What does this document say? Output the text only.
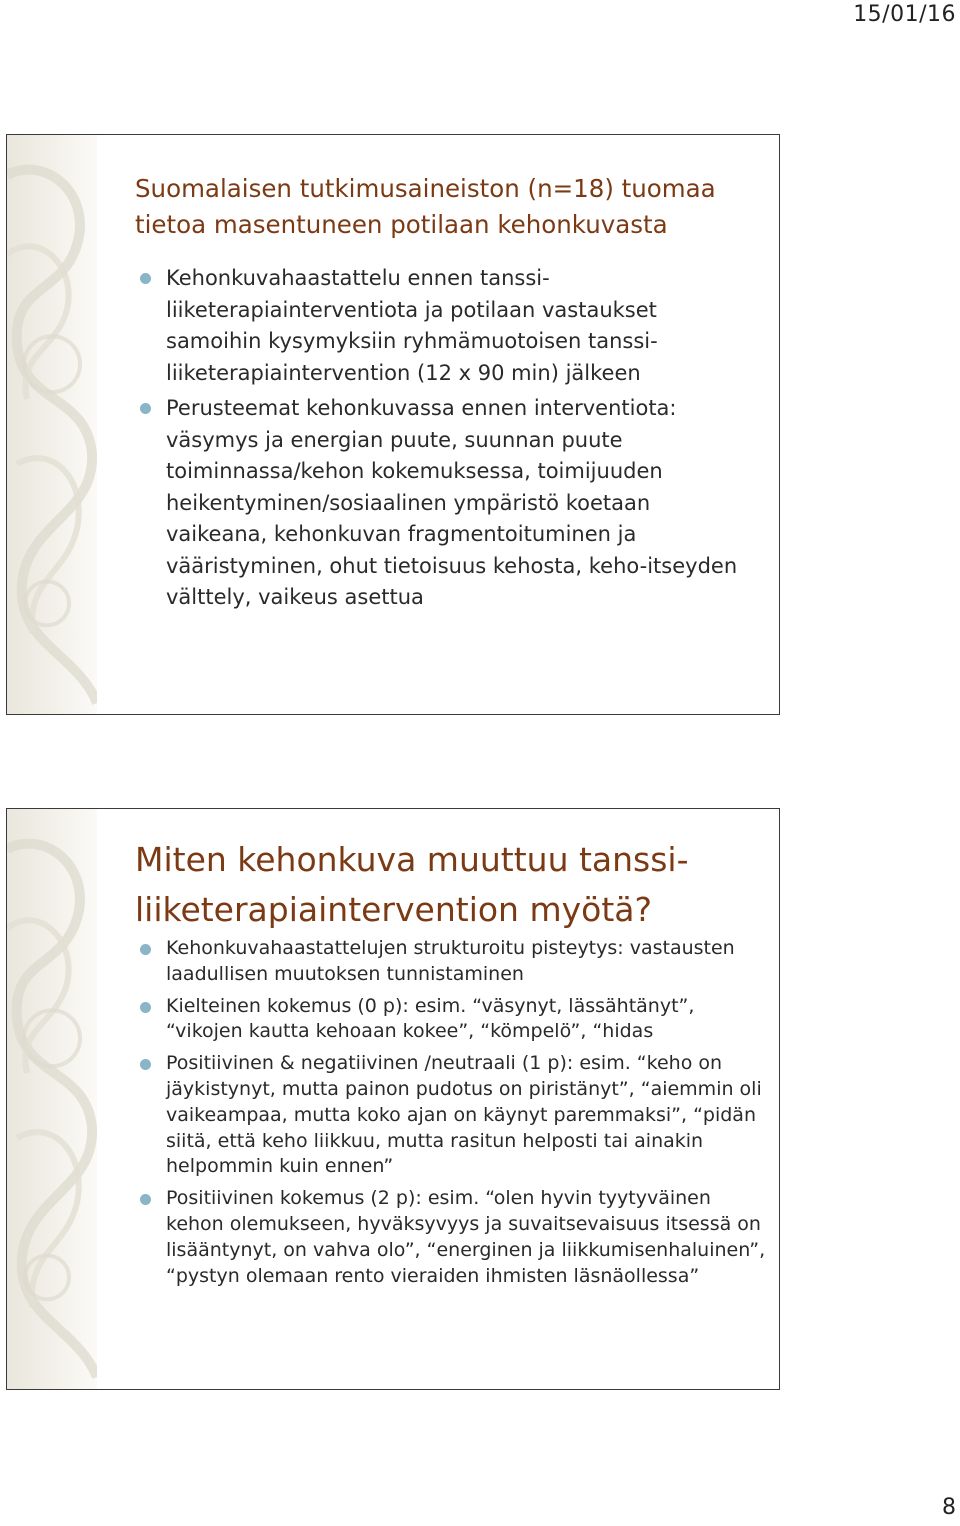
15/01/16
Suomalaisen tutkimusaineiston (n=18) tuomaa tietoa masentuneen potilaan kehonkuvasta
Kehonkuvahaastattelu ennen tanssi-liiketerapiainterventiota ja potilaan vastaukset samoihin kysymyksiin ryhmämuotoisen tanssi-liiketerapiaintervention (12 x 90 min) jälkeen
Perusteemat kehonkuvassa ennen interventiota: väsymys ja energian puute, suunnan puute toiminnassa/kehon kokemuksessa, toimijuuden heikentyminen/sosiaalinen ympäristö koetaan vaikeana, kehonkuvan fragmentoituminen ja vääristyminen, ohut tietoisuus kehosta, keho-itseyden välttely, vaikeus asettua
Miten kehonkuva muuttuu tanssi-liiketerapiaintervention myötä?
Kehonkuvahaastattelujen strukturoitu pisteytys: vastausten laadullisen muutoksen tunnistaminen
Kielteinen kokemus (0 p): esim. “väsynyt, lässähtänyt”, “vikojen kautta kehoaan kokee”, “kömpelö”, “hidas
Positiivinen & negatiivinen /neutraali (1 p): esim. “keho on jäykistynyt, mutta painon pudotus on piristänyt”, “aiemmin oli vaikeampaa, mutta koko ajan on käynyt paremmaksi”, “pidän siitä, että keho liikkuu, mutta rasitun helposti tai ainakin helpommin kuin ennen”
Positiivinen kokemus (2 p): esim. “olen hyvin tyytyväinen kehon olemukseen, hyväksyvyys ja suvaitsevaisuus itsessä on lisääntynyt, on vahva olo”, “energinen ja liikkumisenhaluinen”, “pystyn olemaan rento vieraiden ihmisten läsnäollessa”
8
